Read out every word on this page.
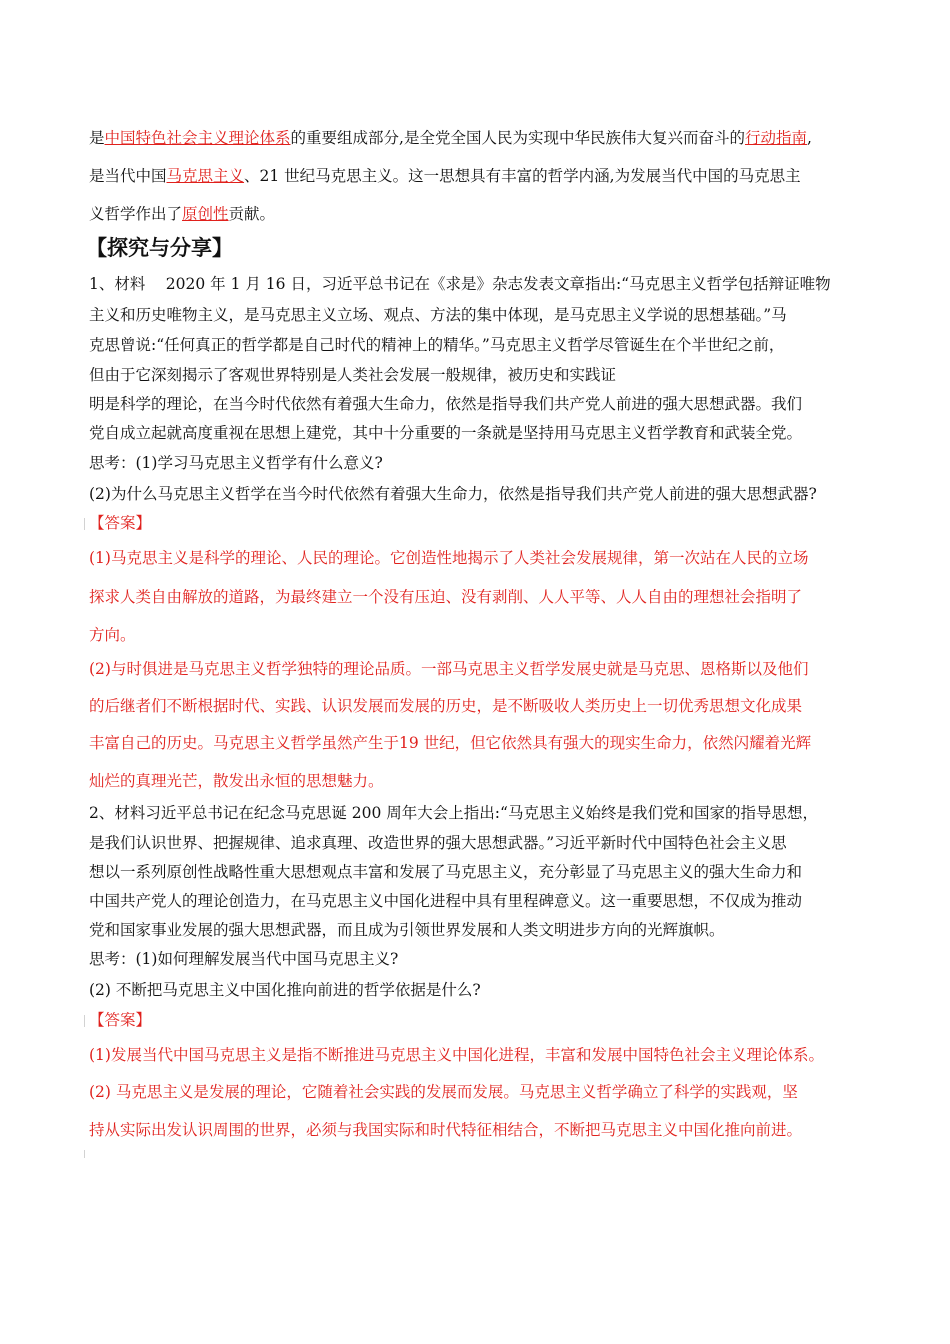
是中国特色社会主义理论体系的重要组成部分,是全党全国人民为实现中华民族伟大复兴而奋斗的行动指南,
是当代中国马克思主义、21 世纪马克思主义。这一思想具有丰富的哲学内涵,为发展当代中国的马克思主
义哲学作出了原创性贡献。
【探究与分享】
1、材料　 2020 年 1 月 16 日，习近平总书记在《求是》杂志发表文章指出:“马克思主义哲学包括辩证唯物
主义和历史唯物主义，是马克思主义立场、观点、方法的集中体现，是马克思主义学说的思想基础。”马
克思曾说:“任何真正的哲学都是自己时代的精神上的精华。”马克思主义哲学尽管诞生在个半世纪之前，
但由于它深刻揭示了客观世界特别是人类社会发展一般规律，被历史和实践证
明是科学的理论，在当今时代依然有着强大生命力，依然是指导我们共产党人前进的强大思想武器。我们
党自成立起就高度重视在思想上建党，其中十分重要的一条就是坚持用马克思主义哲学教育和武装全党。
思考：(1)学习马克思主义哲学有什么意义?
(2)为什么马克思主义哲学在当今时代依然有着强大生命力，依然是指导我们共产党人前进的强大思想武器?
【答案】
(1)马克思主义是科学的理论、人民的理论。它创造性地揭示了人类社会发展规律，第一次站在人民的立场
探求人类自由解放的道路，为最终建立一个没有压迫、没有剥削、人人平等、人人自由的理想社会指明了
方向。
(2)与时俱进是马克思主义哲学独特的理论品质。一部马克思主义哲学发展史就是马克思、恩格斯以及他们
的后继者们不断根据时代、实践、认识发展而发展的历史，是不断吸收人类历史上一切优秀思想文化成果
丰富自己的历史。马克思主义哲学虽然产生于19 世纪，但它依然具有强大的现实生命力，依然闪耀着光辉
灿烂的真理光芒，散发出永恒的思想魅力。
2、材料习近平总书记在纪念马克思诞 200 周年大会上指出:“马克思主义始终是我们党和国家的指导思想，
是我们认识世界、把握规律、追求真理、改造世界的强大思想武器。”习近平新时代中国特色社会主义思
想以一系列原创性战略性重大思想观点丰富和发展了马克思主义，充分彰显了马克思主义的强大生命力和
中国共产党人的理论创造力，在马克思主义中国化进程中具有里程碑意义。这一重要思想，不仅成为推动
党和国家事业发展的强大思想武器，而且成为引领世界发展和人类文明进步方向的光辉旗帜。
思考：(1)如何理解发展当代中国马克思主义?
(2) 不断把马克思主义中国化推向前进的哲学依据是什么?
【答案】
(1)发展当代中国马克思主义是指不断推进马克思主义中国化进程，丰富和发展中国特色社会主义理论体系。
(2) 马克思主义是发展的理论，它随着社会实践的发展而发展。马克思主义哲学确立了科学的实践观，坚
持从实际出发认识周围的世界，必须与我国实际和时代特征相结合，不断把马克思主义中国化推向前进。
